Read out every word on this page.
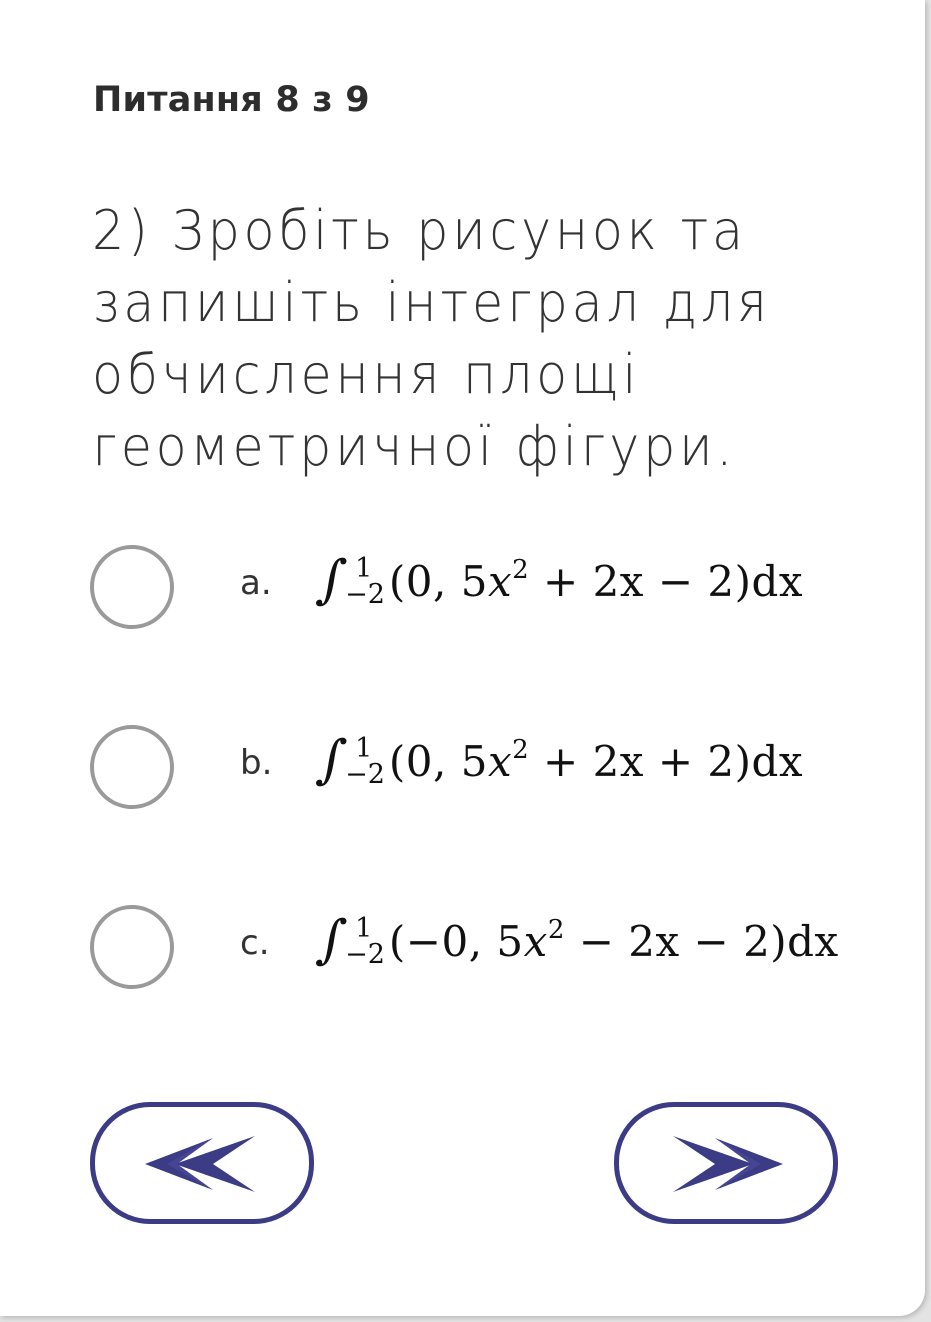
Питання 8 з 9
2) Зробіть рисунок та запишіть інтеграл для обчислення площі геометричної фігури.
a. ∫ 1
−2 (0, $5x^2 + 2x - 2)dx$
b. ∫ 1
−2 (0, $5x^2 + 2x + 2)dx$
c. ∫ 1
−2 (−0, $5x^2 - 2x - 2)dx$
